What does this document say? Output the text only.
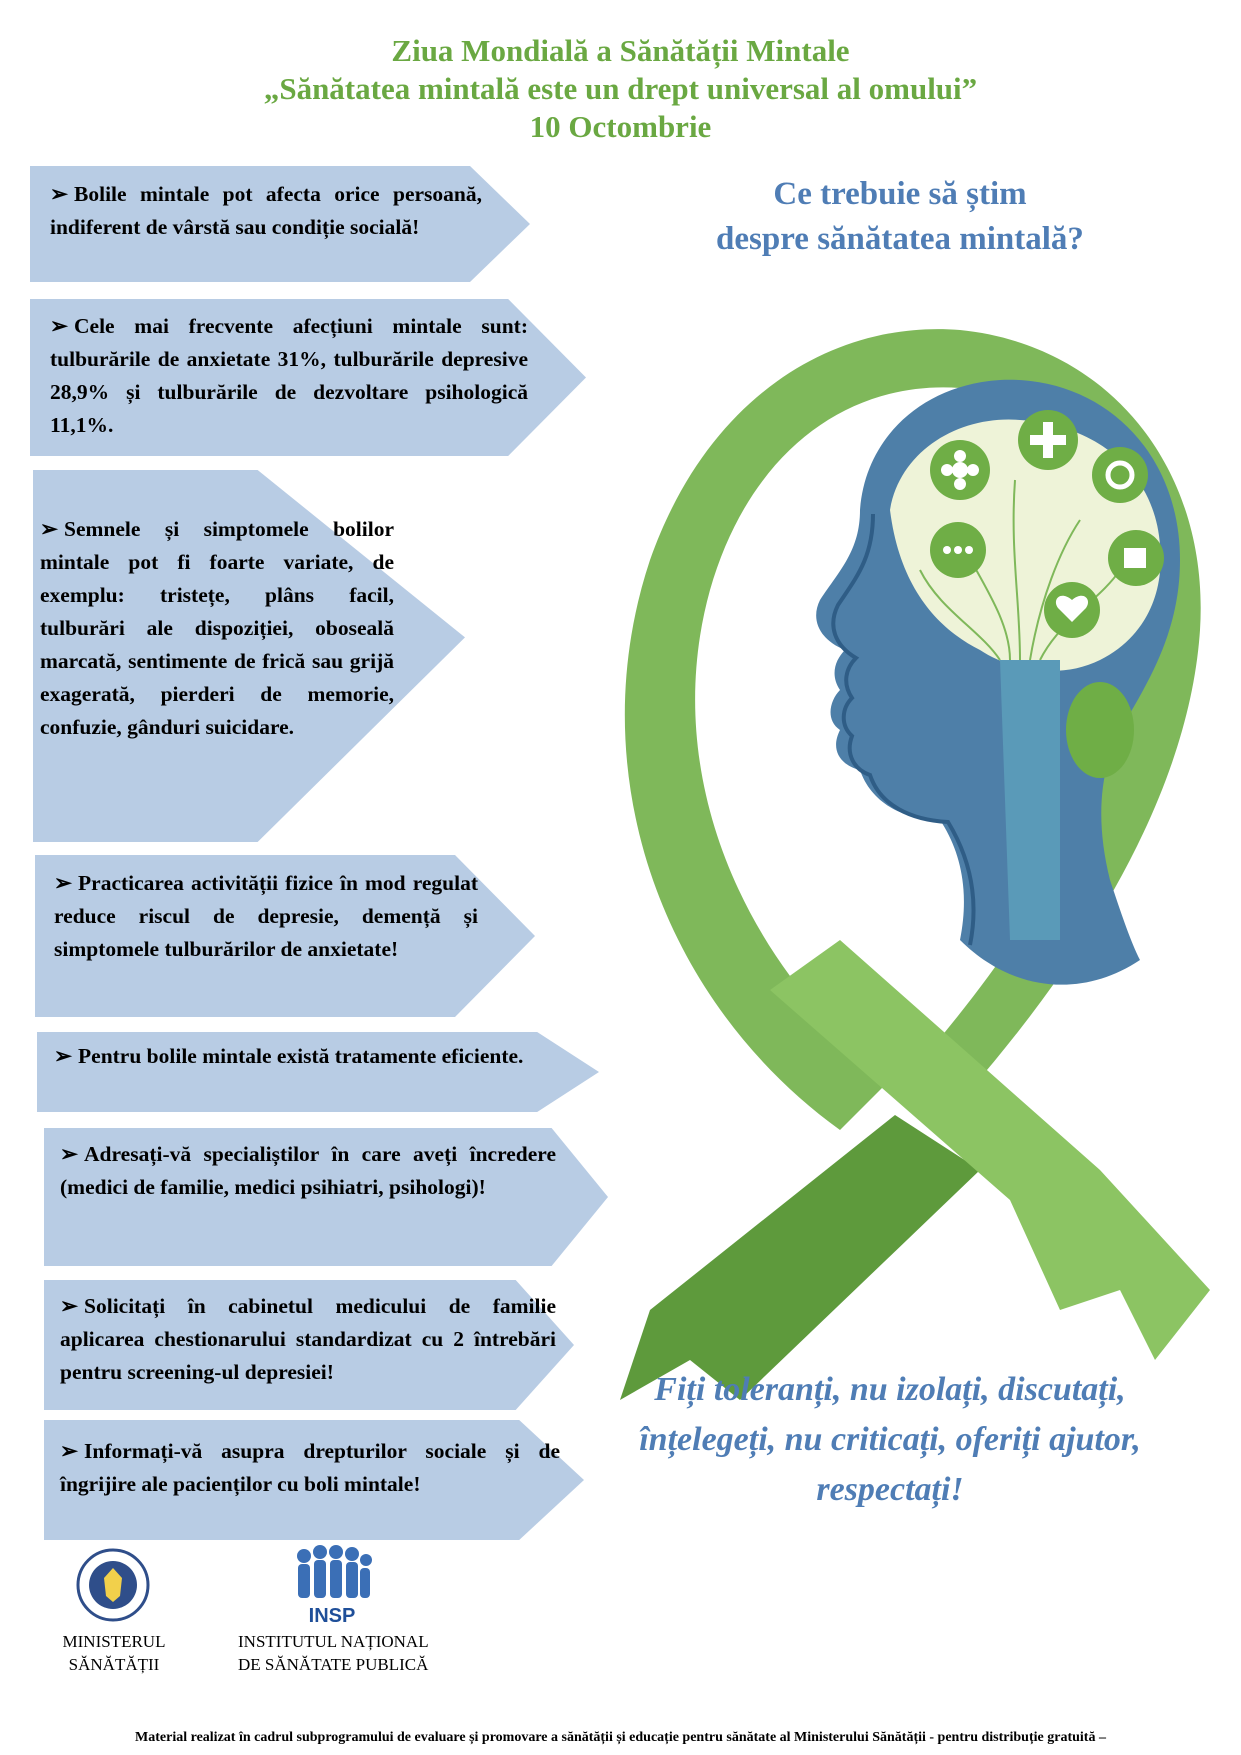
Ziua Mondială a Sănătății Mintale
„Sănătatea mintală este un drept universal al omului”
10 Octombrie
Ce trebuie să știm
despre sănătatea mintală?
➢ Bolile mintale pot afecta orice persoană, indiferent de vârstă sau condiție socială!
➢ Cele mai frecvente afecțiuni mintale sunt: tulburările de anxietate 31%, tulburările depresive 28,9% și tulburările de dezvoltare psihologică 11,1%.
➢ Semnele și simptomele bolilor mintale pot fi foarte variate, de exemplu: tristețe, plâns facil, tulburări ale dispoziției, oboseală marcată, sentimente de frică sau grijă exagerată, pierderi de memorie, confuzie, gânduri suicidare.
➢ Practicarea activității fizice în mod regulat reduce riscul de depresie, demență și simptomele tulburărilor de anxietate!
➢ Pentru bolile mintale există tratamente eficiente.
➢ Adresați-vă specialiștilor în care aveți încredere (medici de familie, medici psihiatri, psihologi)!
➢ Solicitați în cabinetul medicului de familie aplicarea chestionarului standardizat cu 2 întrebări pentru screening-ul depresiei!
➢ Informați-vă asupra drepturilor sociale și de îngrijire ale pacienților cu boli mintale!
Fiți toleranți, nu izolați, discutați,
înțelegeți, nu criticați, oferiți ajutor,
respectați!
INSP
MINISTERUL
SĂNĂTĂȚII
INSTITUTUL NAȚIONAL
DE SĂNĂTATE PUBLICĂ
Material realizat în cadrul subprogramului de evaluare și promovare a sănătății și educație pentru sănătate al Ministerului Sănătății - pentru distribuție gratuită –
